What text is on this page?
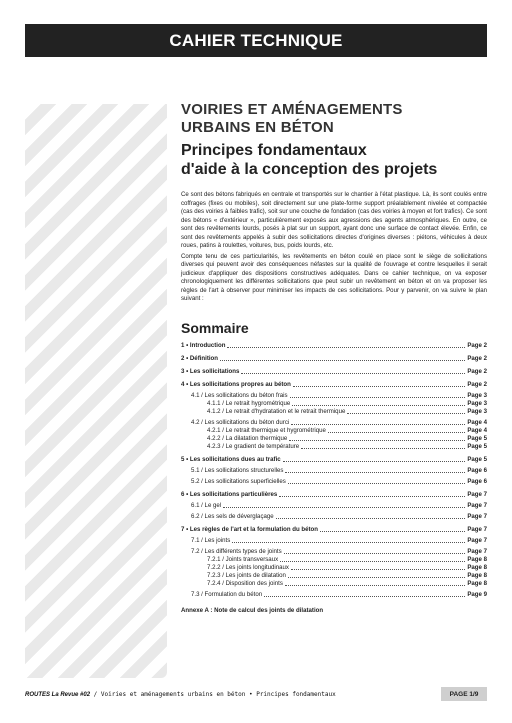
CAHIER TECHNIQUE
VOIRIES ET AMÉNAGEMENTS
URBAINS EN BÉTON
Principes fondamentaux
d'aide à la conception des projets

Ce sont des bétons fabriqués en centrale et transportés sur le chantier à l'état plastique. Là, ils sont coulés entre coffrages (fixes ou mobiles), soit directement sur une plate-forme support préalablement nivelée et compactée (cas des voiries à faibles trafic), soit sur une couche de fondation (cas des voiries à moyen et fort trafics). Ce sont des bétons « d'extérieur », particulièrement exposés aux agressions des agents atmosphériques. En outre, ce sont des revêtements lourds, posés à plat sur un support, ayant donc une surface de contact élevée. Enfin, ce sont des revêtements appelés à subir des sollicitations directes d'origines diverses : piétons, véhicules à deux roues, patins à roulettes, voitures, bus, poids lourds, etc.

Compte tenu de ces particularités, les revêtements en béton coulé en place sont le siège de sollicitations diverses qui peuvent avoir des conséquences néfastes sur la qualité de l'ouvrage et contre lesquelles il serait judicieux d'appliquer des dispositions constructives adéquates. Dans ce cahier technique, on va exposer chronologiquement les différentes sollicitations que peut subir un revêtement en béton et on va proposer les règles de l'art à observer pour minimiser les impacts de ces sollicitations. Pour y parvenir, on va suivre le plan suivant :

Sommaire
1 • Introduction	Page 2
2 • Définition	Page 2
3 • Les sollicitations	Page 2
4 • Les sollicitations propres au béton	Page 2
4.1 / Les sollicitations du béton frais	Page 3
4.1.1 / Le retrait hygrométrique	Page 3
4.1.2 / Le retrait d'hydratation et le retrait thermique	Page 3
4.2 / Les sollicitations du béton durci	Page 4
4.2.1 / Le retrait thermique et hygrométrique	Page 4
4.2.2 / La dilatation thermique	Page 5
4.2.3 / Le gradient de température	Page 5
5 • Les sollicitations dues au trafic	Page 5
5.1 / Les sollicitations structurelles	Page 6
5.2 / Les sollicitations superficielles	Page 6
6 • Les sollicitations particulières	Page 7
6.1 / Le gel	Page 7
6.2 / Les sels de déverglaçage	Page 7
7 • Les règles de l'art et la formulation du béton	Page 7
7.1 / Les joints	Page 7
7.2 / Les différents types de joints	Page 7
7.2.1 / Joints transversaux	Page 8
7.2.2 / Les joints longitudinaux	Page 8
7.2.3 / Les joints de dilatation	Page 8
7.2.4 / Disposition des joints	Page 8
7.3 / Formulation du béton	Page 9
Annexe A : Note de calcul des joints de dilatation
ROUTES La Revue #02 / Voiries et aménagements urbains en béton • Principes fondamentaux	PAGE 1/9
